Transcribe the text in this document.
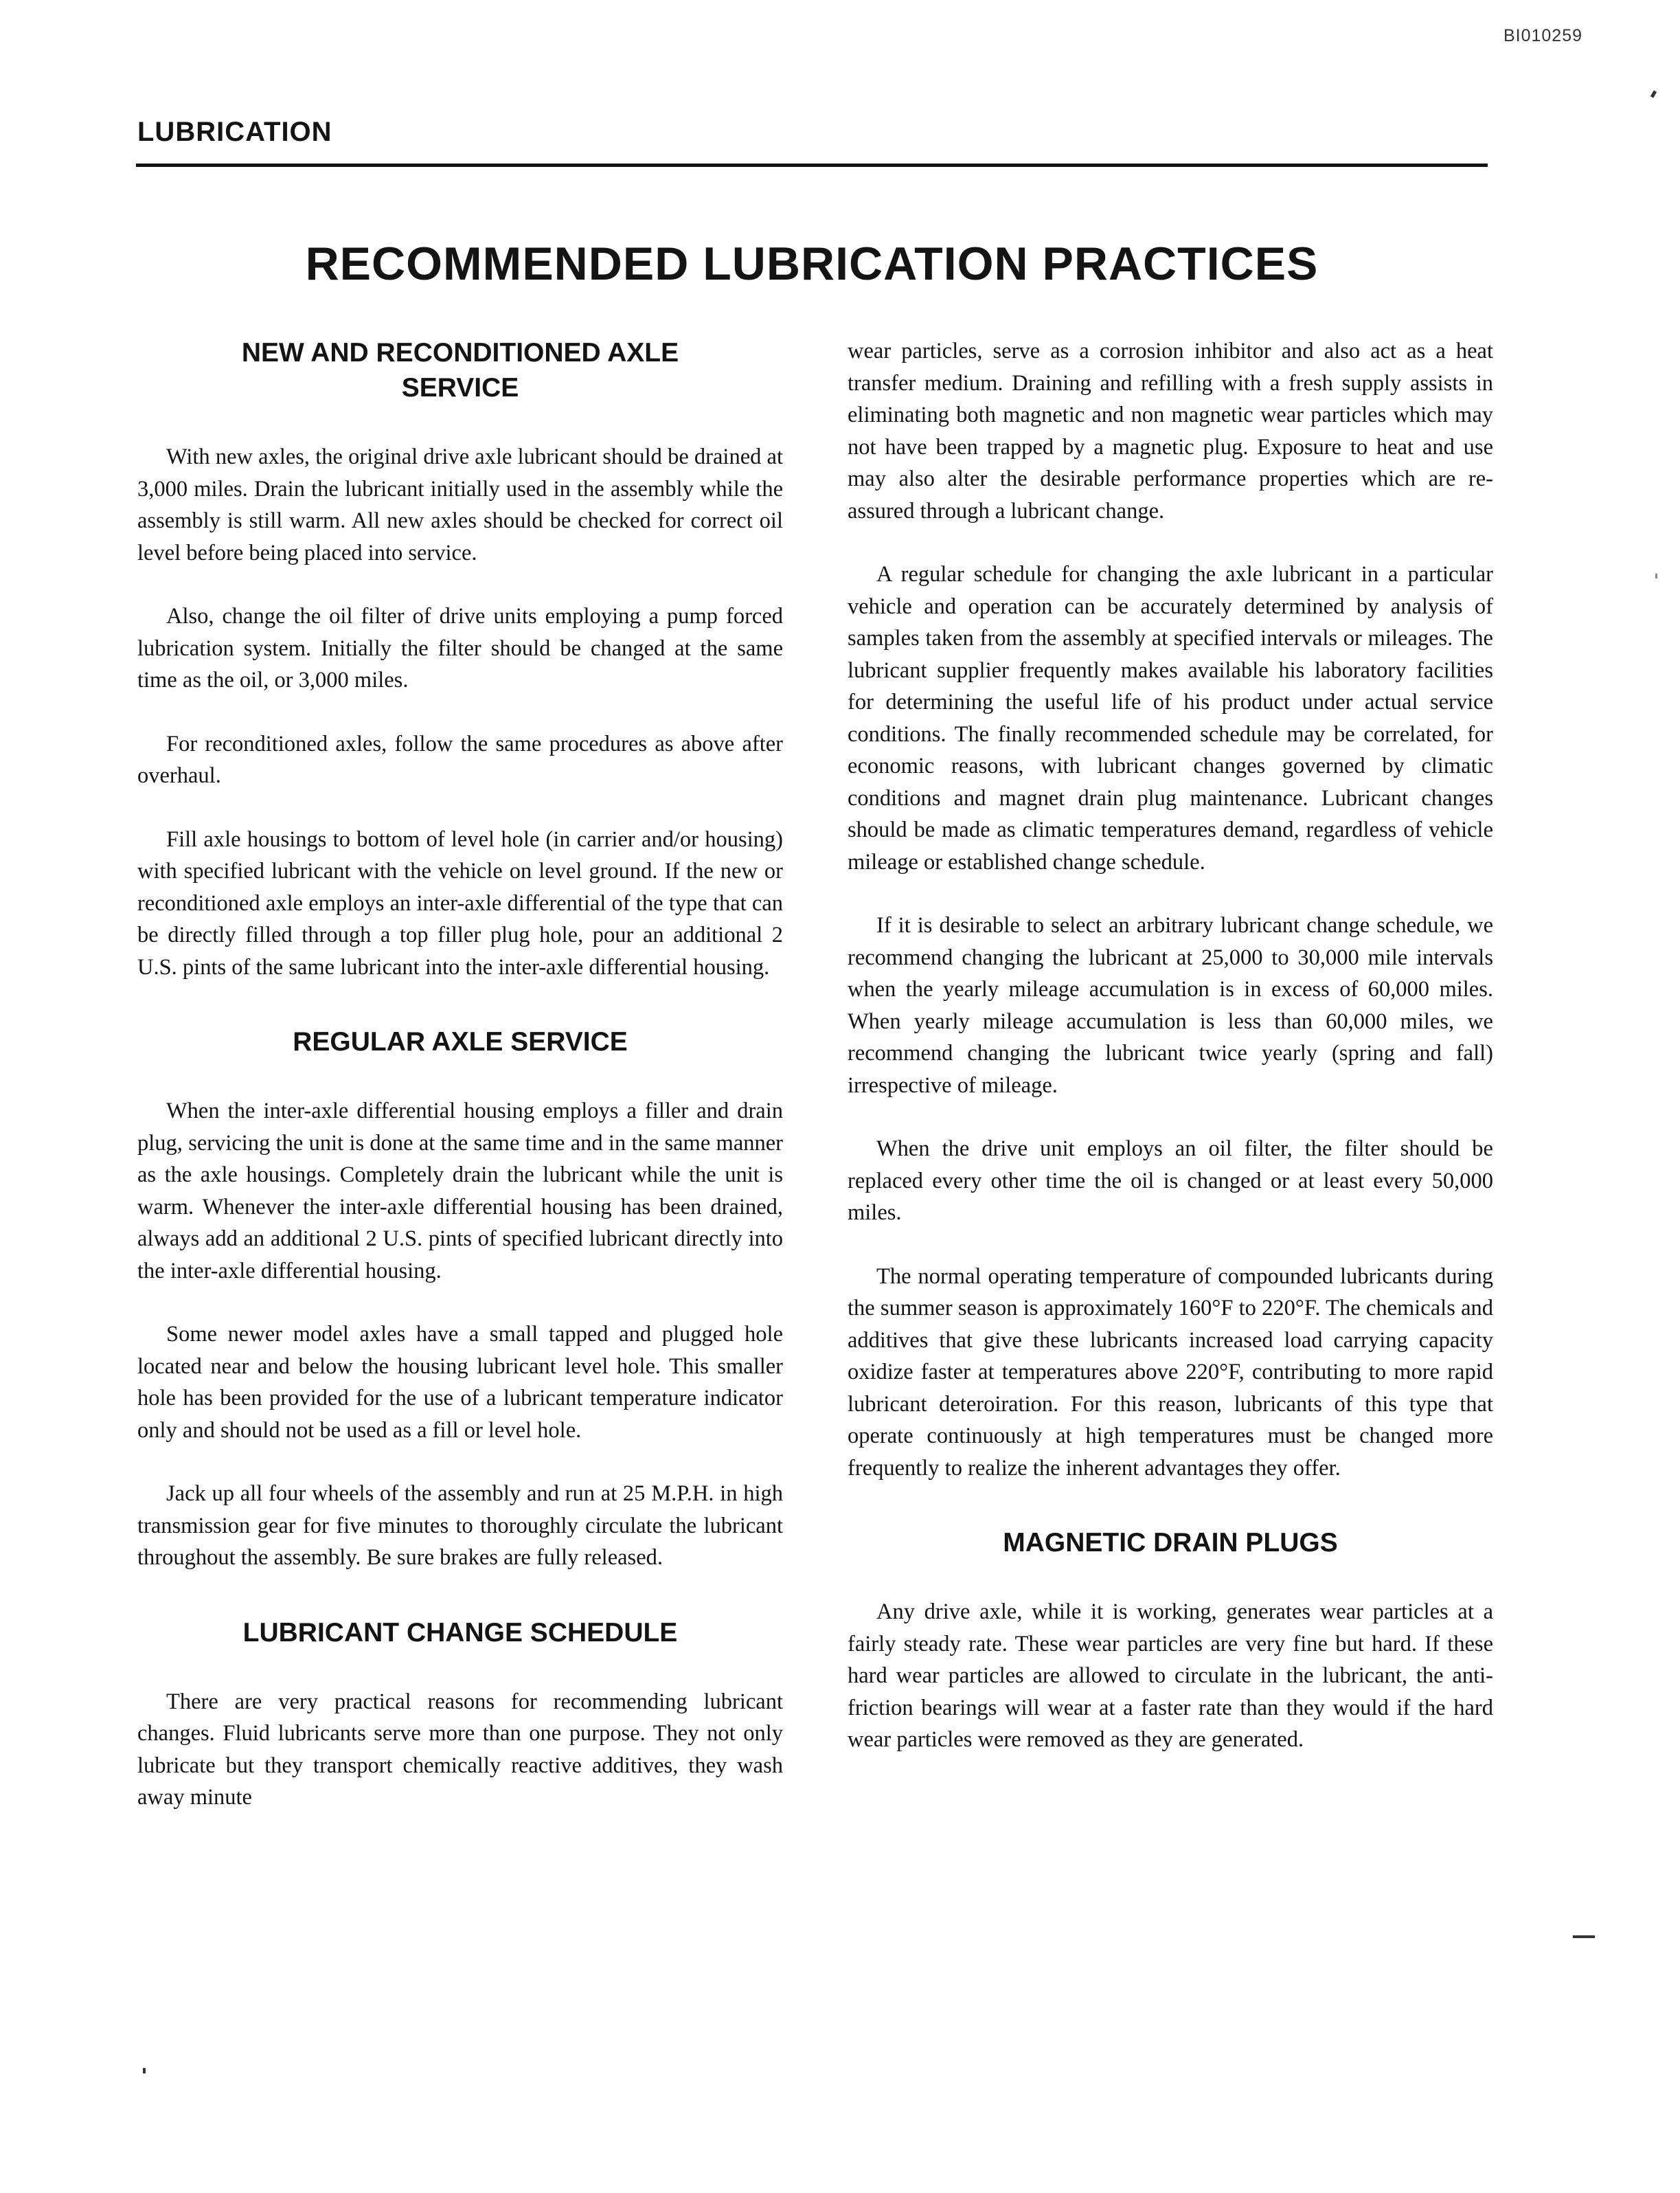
BI010259
LUBRICATION
RECOMMENDED LUBRICATION PRACTICES
NEW AND RECONDITIONED AXLE SERVICE

With new axles, the original drive axle lubricant should be drained at 3,000 miles. Drain the lubricant initially used in the assembly while the assembly is still warm. All new axles should be checked for correct oil level before being placed into service.

Also, change the oil filter of drive units employing a pump forced lubrication system. Initially the filter should be changed at the same time as the oil, or 3,000 miles.

For reconditioned axles, follow the same procedures as above after overhaul.

Fill axle housings to bottom of level hole (in carrier and/or housing) with specified lubricant with the vehicle on level ground. If the new or reconditioned axle employs an inter-axle differential of the type that can be directly filled through a top filler plug hole, pour an additional 2 U.S. pints of the same lubricant into the inter-axle differential housing.

REGULAR AXLE SERVICE

When the inter-axle differential housing employs a filler and drain plug, servicing the unit is done at the same time and in the same manner as the axle housings. Completely drain the lubricant while the unit is warm. Whenever the inter-axle differential housing has been drained, always add an additional 2 U.S. pints of specified lubricant directly into the inter-axle differential housing.

Some newer model axles have a small tapped and plugged hole located near and below the housing lubricant level hole. This smaller hole has been provided for the use of a lubricant temperature indicator only and should not be used as a fill or level hole.

Jack up all four wheels of the assembly and run at 25 M.P.H. in high transmission gear for five minutes to thoroughly circulate the lubricant throughout the assembly. Be sure brakes are fully released.

LUBRICANT CHANGE SCHEDULE

There are very practical reasons for recommending lubricant changes. Fluid lubricants serve more than one purpose. They not only lubricate but they transport chemically reactive additives, they wash away minute

wear particles, serve as a corrosion inhibitor and also act as a heat transfer medium. Draining and refilling with a fresh supply assists in eliminating both magnetic and non magnetic wear particles which may not have been trapped by a magnetic plug. Exposure to heat and use may also alter the desirable performance properties which are re-assured through a lubricant change.

A regular schedule for changing the axle lubricant in a particular vehicle and operation can be accurately determined by analysis of samples taken from the assembly at specified intervals or mileages. The lubricant supplier frequently makes available his laboratory facilities for determining the useful life of his product under actual service conditions. The finally recommended schedule may be correlated, for economic reasons, with lubricant changes governed by climatic conditions and magnet drain plug maintenance. Lubricant changes should be made as climatic temperatures demand, regardless of vehicle mileage or established change schedule.

If it is desirable to select an arbitrary lubricant change schedule, we recommend changing the lubricant at 25,000 to 30,000 mile intervals when the yearly mileage accumulation is in excess of 60,000 miles. When yearly mileage accumulation is less than 60,000 miles, we recommend changing the lubricant twice yearly (spring and fall) irrespective of mileage.

When the drive unit employs an oil filter, the filter should be replaced every other time the oil is changed or at least every 50,000 miles.

The normal operating temperature of compounded lubricants during the summer season is approximately 160°F to 220°F. The chemicals and additives that give these lubricants increased load carrying capacity oxidize faster at temperatures above 220°F, contributing to more rapid lubricant deteroiration. For this reason, lubricants of this type that operate continuously at high temperatures must be changed more frequently to realize the inherent advantages they offer.

MAGNETIC DRAIN PLUGS

Any drive axle, while it is working, generates wear particles at a fairly steady rate. These wear particles are very fine but hard. If these hard wear particles are allowed to circulate in the lubricant, the anti-friction bearings will wear at a faster rate than they would if the hard wear particles were removed as they are generated.
